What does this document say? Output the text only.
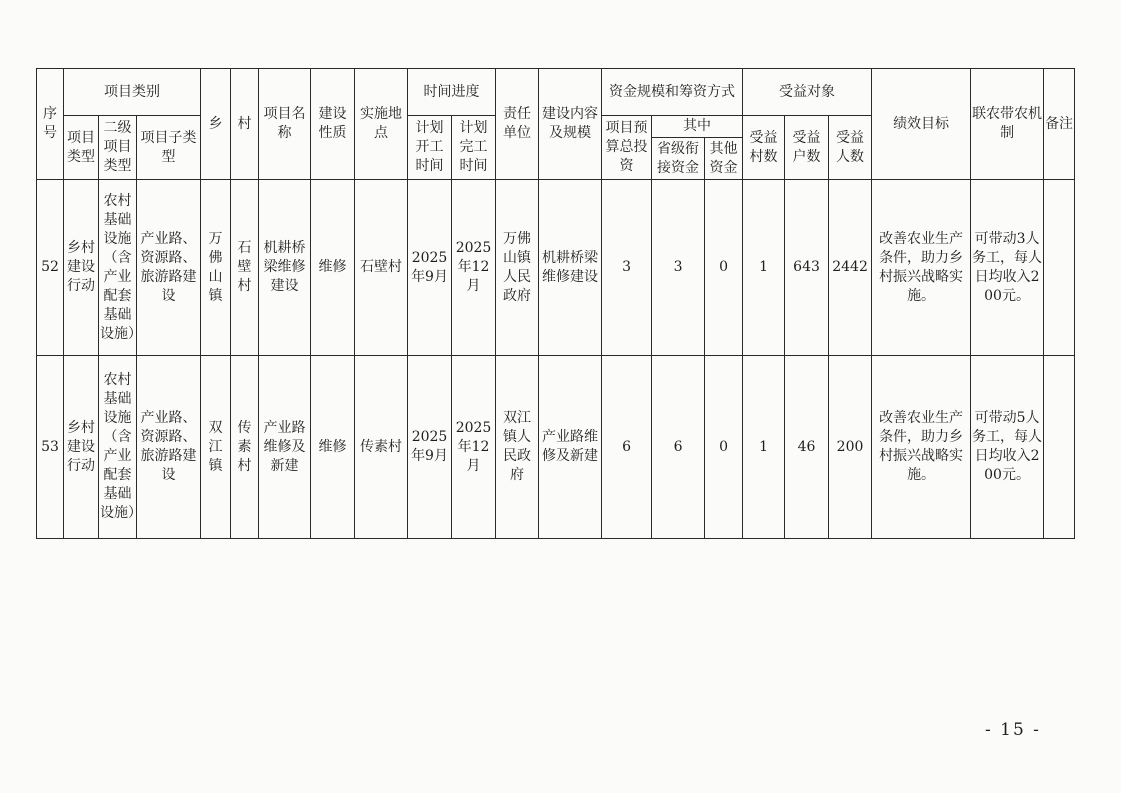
序号	项目类别			乡	村	项目名称	建设性质	实施地点	时间进度		责任单位	建设内容及规模	资金规模和筹资方式			受益对象			绩效目标	联农带农机制	备注
	项目类型	二级项目类型	项目子类型						计划开工时间	计划完工时间			项目预算总投资	其中		受益村数	受益户数	受益人数			
														省级衔接资金	其他资金						
52	乡村建设行动	农村基础设施（含产业配套基础设施）	产业路、资源路、旅游路建设	万佛山镇	石壁村	机耕桥梁维修建设	维修	石壁村	2025年9月	2025年12月	万佛山镇人民政府	机耕桥梁维修建设	3	3	0	1	643	2442	改善农业生产条件，助力乡村振兴战略实施。	可带动3人务工，每人日均收入200元。	
53	乡村建设行动	农村基础设施（含产业配套基础设施）	产业路、资源路、旅游路建设	双江镇	传素村	产业路维修及新建	维修	传素村	2025年9月	2025年12月	双江镇人民政府	产业路维修及新建	6	6	0	1	46	200	改善农业生产条件，助力乡村振兴战略实施。	可带动5人务工，每人日均收入200元。	
- 15 -
